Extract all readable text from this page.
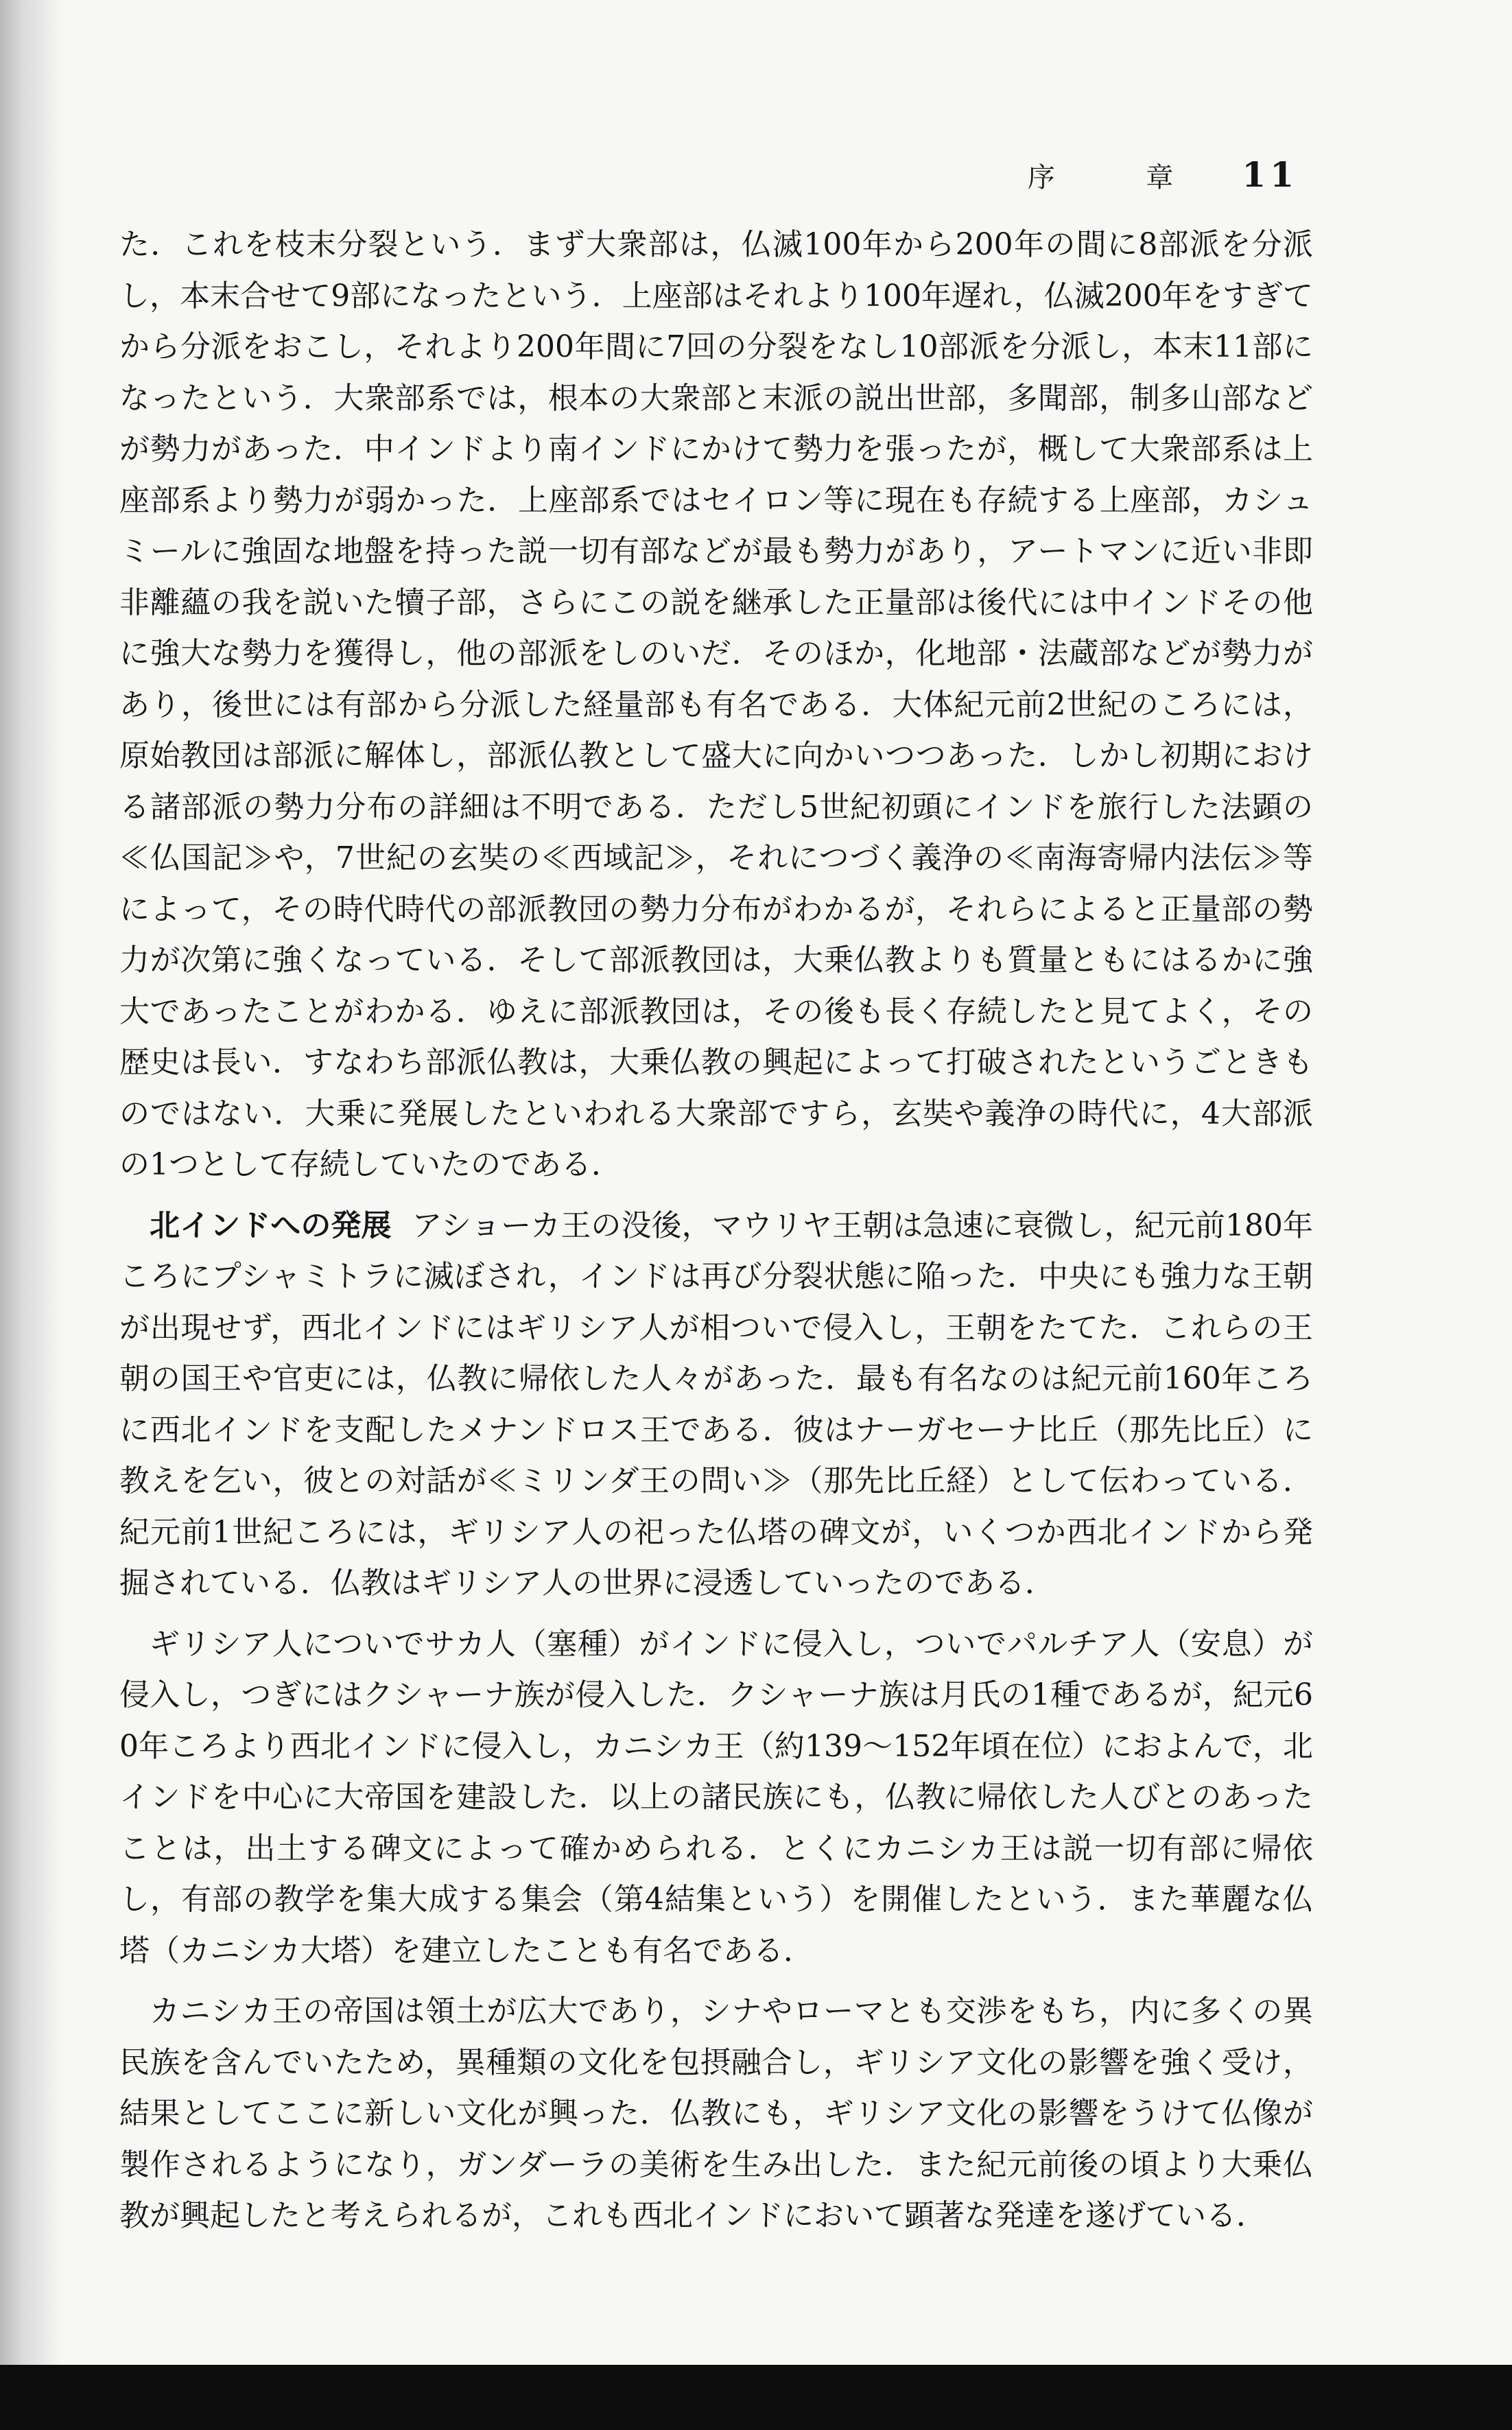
序 章 11

た．これを枝末分裂という．まず大衆部は，仏滅100年から200年の間に8部派を分派し，本末合せて9部になったという．上座部はそれより100年遅れ，仏滅200年をすぎてから分派をおこし，それより200年間に7回の分裂をなし10部派を分派し，本末11部になったという．大衆部系では，根本の大衆部と末派の説出世部，多聞部，制多山部などが勢力があった．中インドより南インドにかけて勢力を張ったが，概して大衆部系は上座部系より勢力が弱かった．上座部系ではセイロン等に現在も存続する上座部，カシュミールに強固な地盤を持った説一切有部などが最も勢力があり，アートマンに近い非即非離蘊の我を説いた犢子部，さらにこの説を継承した正量部は後代には中インドその他に強大な勢力を獲得し，他の部派をしのいだ．そのほか，化地部・法蔵部などが勢力があり，後世には有部から分派した経量部も有名である．大体紀元前2世紀のころには，原始教団は部派に解体し，部派仏教として盛大に向かいつつあった．しかし初期における諸部派の勢力分布の詳細は不明である．ただし5世紀初頭にインドを旅行した法顕の≪仏国記≫や，7世紀の玄奘の≪西域記≫，それにつづく義浄の≪南海寄帰内法伝≫等によって，その時代時代の部派教団の勢力分布がわかるが，それらによると正量部の勢力が次第に強くなっている．そして部派教団は，大乗仏教よりも質量ともにはるかに強大であったことがわかる．ゆえに部派教団は，その後も長く存続したと見てよく，その歴史は長い．すなわち部派仏教は，大乗仏教の興起によって打破されたというごときものではない．大乗に発展したといわれる大衆部ですら，玄奘や義浄の時代に，4大部派の1つとして存続していたのである．

北インドへの発展 アショーカ王の没後，マウリヤ王朝は急速に衰微し，紀元前180年ころにプシャミトラに滅ぼされ，インドは再び分裂状態に陥った．中央にも強力な王朝が出現せず，西北インドにはギリシア人が相ついで侵入し，王朝をたてた．これらの王朝の国王や官吏には，仏教に帰依した人々があった．最も有名なのは紀元前160年ころに西北インドを支配したメナンドロス王である．彼はナーガセーナ比丘（那先比丘）に教えを乞い，彼との対話が≪ミリンダ王の問い≫（那先比丘経）として伝わっている．紀元前1世紀ころには，ギリシア人の祀った仏塔の碑文が，いくつか西北インドから発掘されている．仏教はギリシア人の世界に浸透していったのである．

ギリシア人についでサカ人（塞種）がインドに侵入し，ついでパルチア人（安息）が侵入し，つぎにはクシャーナ族が侵入した．クシャーナ族は月氏の1種であるが，紀元60年ころより西北インドに侵入し，カニシカ王（約139～152年頃在位）におよんで，北インドを中心に大帝国を建設した．以上の諸民族にも，仏教に帰依した人びとのあったことは，出土する碑文によって確かめられる．とくにカニシカ王は説一切有部に帰依し，有部の教学を集大成する集会（第4結集という）を開催したという．また華麗な仏塔（カニシカ大塔）を建立したことも有名である．

カニシカ王の帝国は領土が広大であり，シナやローマとも交渉をもち，内に多くの異民族を含んでいたため，異種類の文化を包摂融合し，ギリシア文化の影響を強く受け，結果としてここに新しい文化が興った．仏教にも，ギリシア文化の影響をうけて仏像が製作されるようになり，ガンダーラの美術を生み出した．また紀元前後の頃より大乗仏教が興起したと考えられるが，これも西北インドにおいて顕著な発達を遂げている．
